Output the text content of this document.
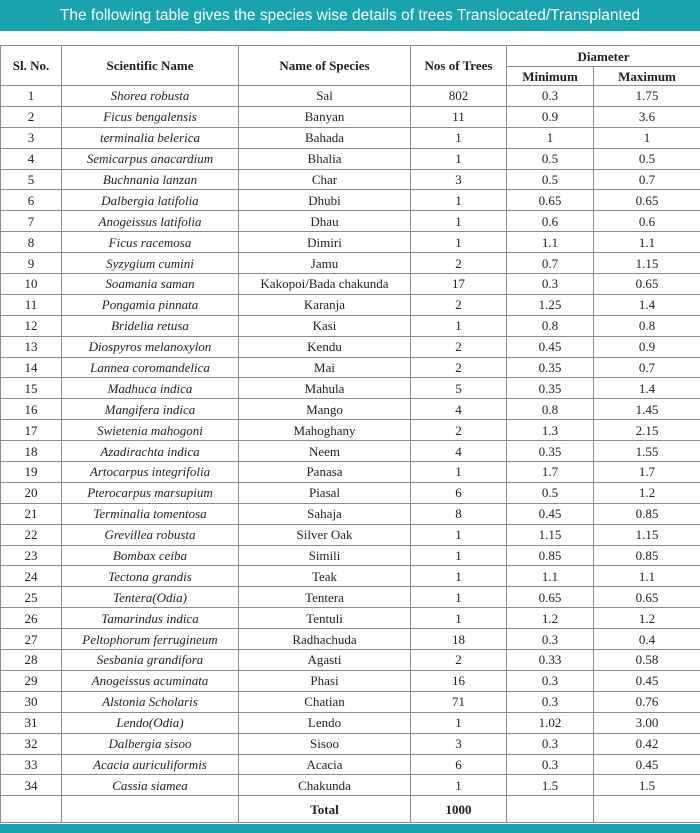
The following table gives the species wise details of trees Translocated/Transplanted
Sl. No.	Scientific Name	Name of Species	Nos of Trees	Diameter	
				Minimum	Maximum
1	Shorea robusta	Sal	802	0.3	1.75
2	Ficus bengalensis	Banyan	11	0.9	3.6
3	terminalia belerica	Bahada	1	1	1
4	Semicarpus anacardium	Bhalia	1	0.5	0.5
5	Buchnania lanzan	Char	3	0.5	0.7
6	Dalbergia latifolia	Dhubi	1	0.65	0.65
7	Anogeissus latifolia	Dhau	1	0.6	0.6
8	Ficus racemosa	Dimiri	1	1.1	1.1
9	Syzygium cumini	Jamu	2	0.7	1.15
10	Soamania saman	Kakopoi/Bada chakunda	17	0.3	0.65
11	Pongamia pinnata	Karanja	2	1.25	1.4
12	Bridelia retusa	Kasi	1	0.8	0.8
13	Diospyros melanoxylon	Kendu	2	0.45	0.9
14	Lannea coromandelica	Mai	2	0.35	0.7
15	Madhuca indica	Mahula	5	0.35	1.4
16	Mangifera indica	Mango	4	0.8	1.45
17	Swietenia mahogoni	Mahoghany	2	1.3	2.15
18	Azadirachta indica	Neem	4	0.35	1.55
19	Artocarpus integrifolia	Panasa	1	1.7	1.7
20	Pterocarpus marsupium	Piasal	6	0.5	1.2
21	Terminalia tomentosa	Sahaja	8	0.45	0.85
22	Grevillea robusta	Silver Oak	1	1.15	1.15
23	Bombax ceiba	Simili	1	0.85	0.85
24	Tectona grandis	Teak	1	1.1	1.1
25	Tentera(Odia)	Tentera	1	0.65	0.65
26	Tamarindus indica	Tentuli	1	1.2	1.2
27	Peltophorum ferrugineum	Radhachuda	18	0.3	0.4
28	Sesbania grandifora	Agasti	2	0.33	0.58
29	Anogeissus acuminata	Phasi	16	0.3	0.45
30	Alstonia Scholaris	Chatian	71	0.3	0.76
31	Lendo(Odia)	Lendo	1	1.02	3.00
32	Dalbergia sisoo	Sisoo	3	0.3	0.42
33	Acacia auriculiformis	Acacia	6	0.3	0.45
34	Cassia siamea	Chakunda	1	1.5	1.5
		Total	1000		
